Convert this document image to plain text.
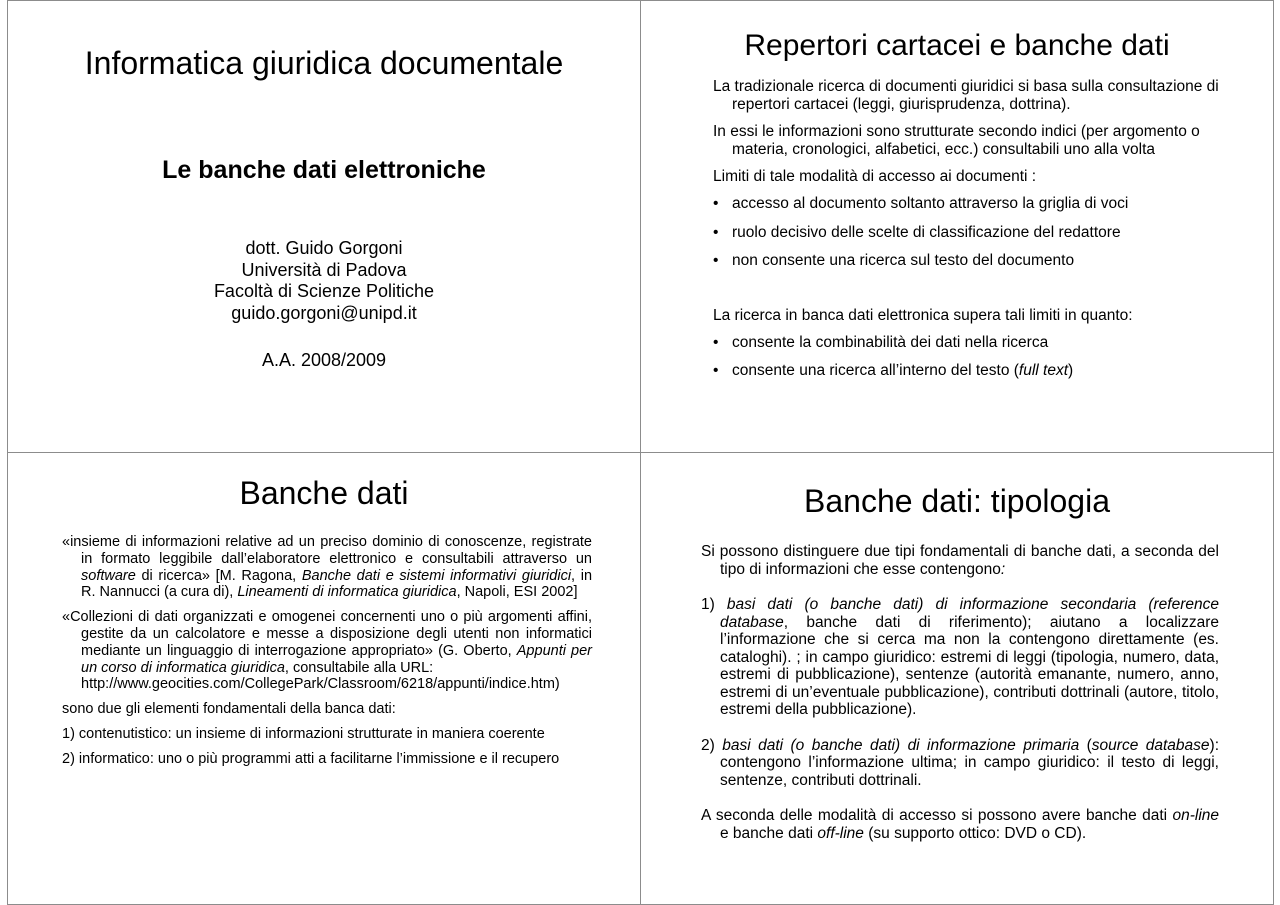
Informatica giuridica documentale
Le banche dati elettroniche
dott. Guido Gorgoni
Università di Padova
Facoltà di Scienze Politiche
guido.gorgoni@unipd.it
A.A. 2008/2009
Repertori cartacei e banche dati

La tradizionale ricerca di documenti giuridici si basa sulla consultazione di repertori cartacei (leggi, giurisprudenza, dottrina).

In essi le informazioni sono strutturate secondo indici (per argomento o materia, cronologici, alfabetici, ecc.) consultabili uno alla volta

Limiti di tale modalità di accesso ai documenti :

• accesso al documento soltanto attraverso la griglia di voci
• ruolo decisivo delle scelte di classificazione del redattore
• non consente una ricerca sul testo del documento

La ricerca in banca dati elettronica supera tali limiti in quanto:

• consente la combinabilità dei dati nella ricerca
• consente una ricerca all’interno del testo (full text)
Banche dati

«insieme di informazioni relative ad un preciso dominio di conoscenze, registrate in formato leggibile dall’elaboratore elettronico e consultabili attraverso un software di ricerca» [M. Ragona, Banche dati e sistemi informativi giuridici, in R. Nannucci (a cura di), Lineamenti di informatica giuridica, Napoli, ESI 2002]

«Collezioni di dati organizzati e omogenei concernenti uno o più argomenti affini, gestite da un calcolatore e messe a disposizione degli utenti non informatici mediante un linguaggio di interrogazione appropriato» (G. Oberto, Appunti per un corso di informatica giuridica, consultabile alla URL:
http://www.geocities.com/CollegePark/Classroom/6218/appunti/indice.htm)

sono due gli elementi fondamentali della banca dati:

1) contenutistico: un insieme di informazioni strutturate in maniera coerente

2) informatico: uno o più programmi atti a facilitarne l’immissione e il recupero

Banche dati: tipologia

Si possono distinguere due tipi fondamentali di banche dati, a seconda del tipo di informazioni che esse contengono:

1) basi dati (o banche dati) di informazione secondaria (reference database, banche dati di riferimento); aiutano a localizzare l’informazione che si cerca ma non la contengono direttamente (es. cataloghi). ; in campo giuridico: estremi di leggi (tipologia, numero, data, estremi di pubblicazione), sentenze (autorità emanante, numero, anno, estremi di un’eventuale pubblicazione), contributi dottrinali (autore, titolo, estremi della pubblicazione).

2) basi dati (o banche dati) di informazione primaria (source database): contengono l’informazione ultima; in campo giuridico: il testo di leggi, sentenze, contributi dottrinali.

A seconda delle modalità di accesso si possono avere banche dati on-line e banche dati off-line (su supporto ottico: DVD o CD).
